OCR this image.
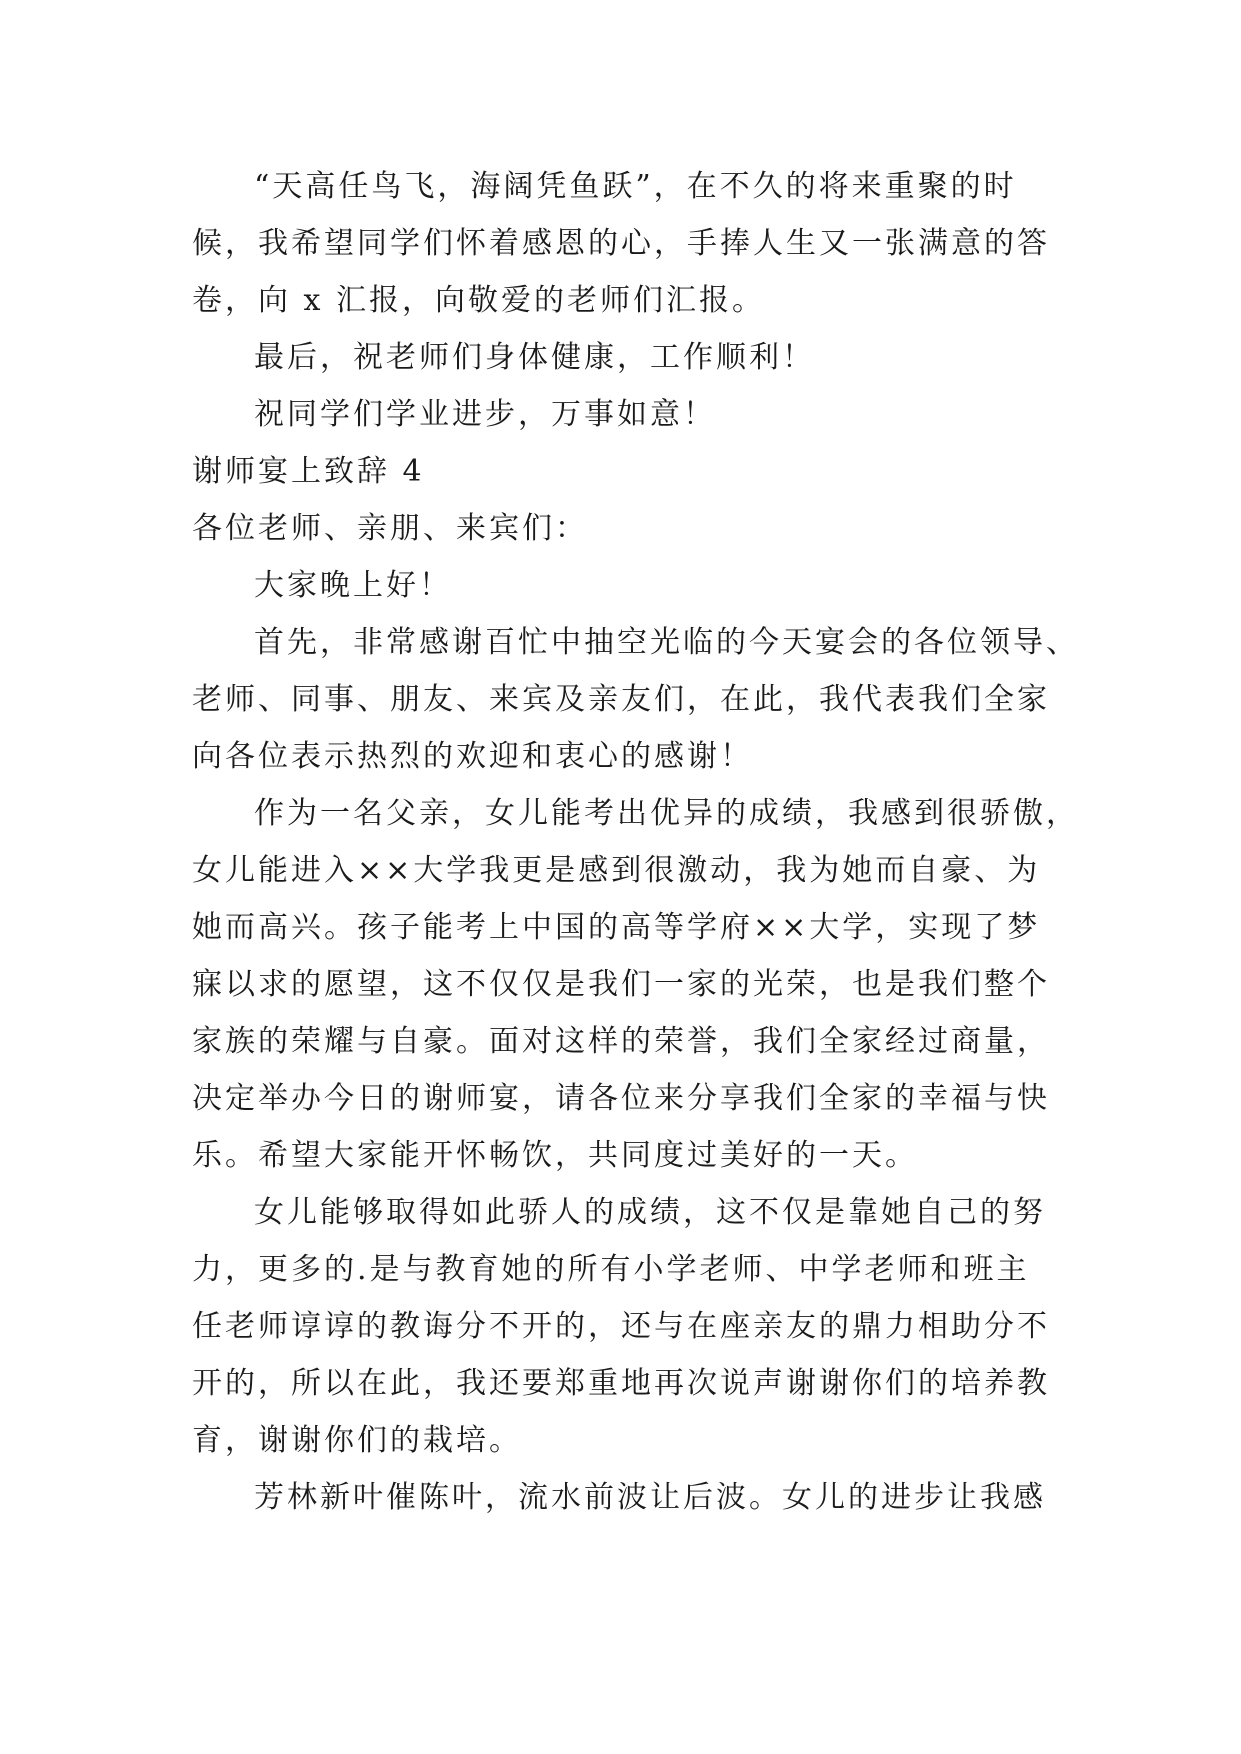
“天高任鸟飞，海阔凭鱼跃”，在不久的将来重聚的时
候，我希望同学们怀着感恩的心，手捧人生又一张满意的答
卷，向 x 汇报，向敬爱的老师们汇报。
最后，祝老师们身体健康，工作顺利！
祝同学们学业进步，万事如意！
谢师宴上致辞 4
各位老师、亲朋、来宾们：
大家晚上好！
首先，非常感谢百忙中抽空光临的今天宴会的各位领导、
老师、同事、朋友、来宾及亲友们，在此，我代表我们全家
向各位表示热烈的欢迎和衷心的感谢！
作为一名父亲，女儿能考出优异的成绩，我感到很骄傲，
女儿能进入××大学我更是感到很激动，我为她而自豪、为
她而高兴。孩子能考上中国的高等学府××大学，实现了梦
寐以求的愿望，这不仅仅是我们一家的光荣，也是我们整个
家族的荣耀与自豪。面对这样的荣誉，我们全家经过商量，
决定举办今日的谢师宴，请各位来分享我们全家的幸福与快
乐。希望大家能开怀畅饮，共同度过美好的一天。
女儿能够取得如此骄人的成绩，这不仅是靠她自己的努
力，更多的.是与教育她的所有小学老师、中学老师和班主
任老师谆谆的教诲分不开的，还与在座亲友的鼎力相助分不
开的，所以在此，我还要郑重地再次说声谢谢你们的培养教
育，谢谢你们的栽培。
芳林新叶催陈叶，流水前波让后波。女儿的进步让我感
